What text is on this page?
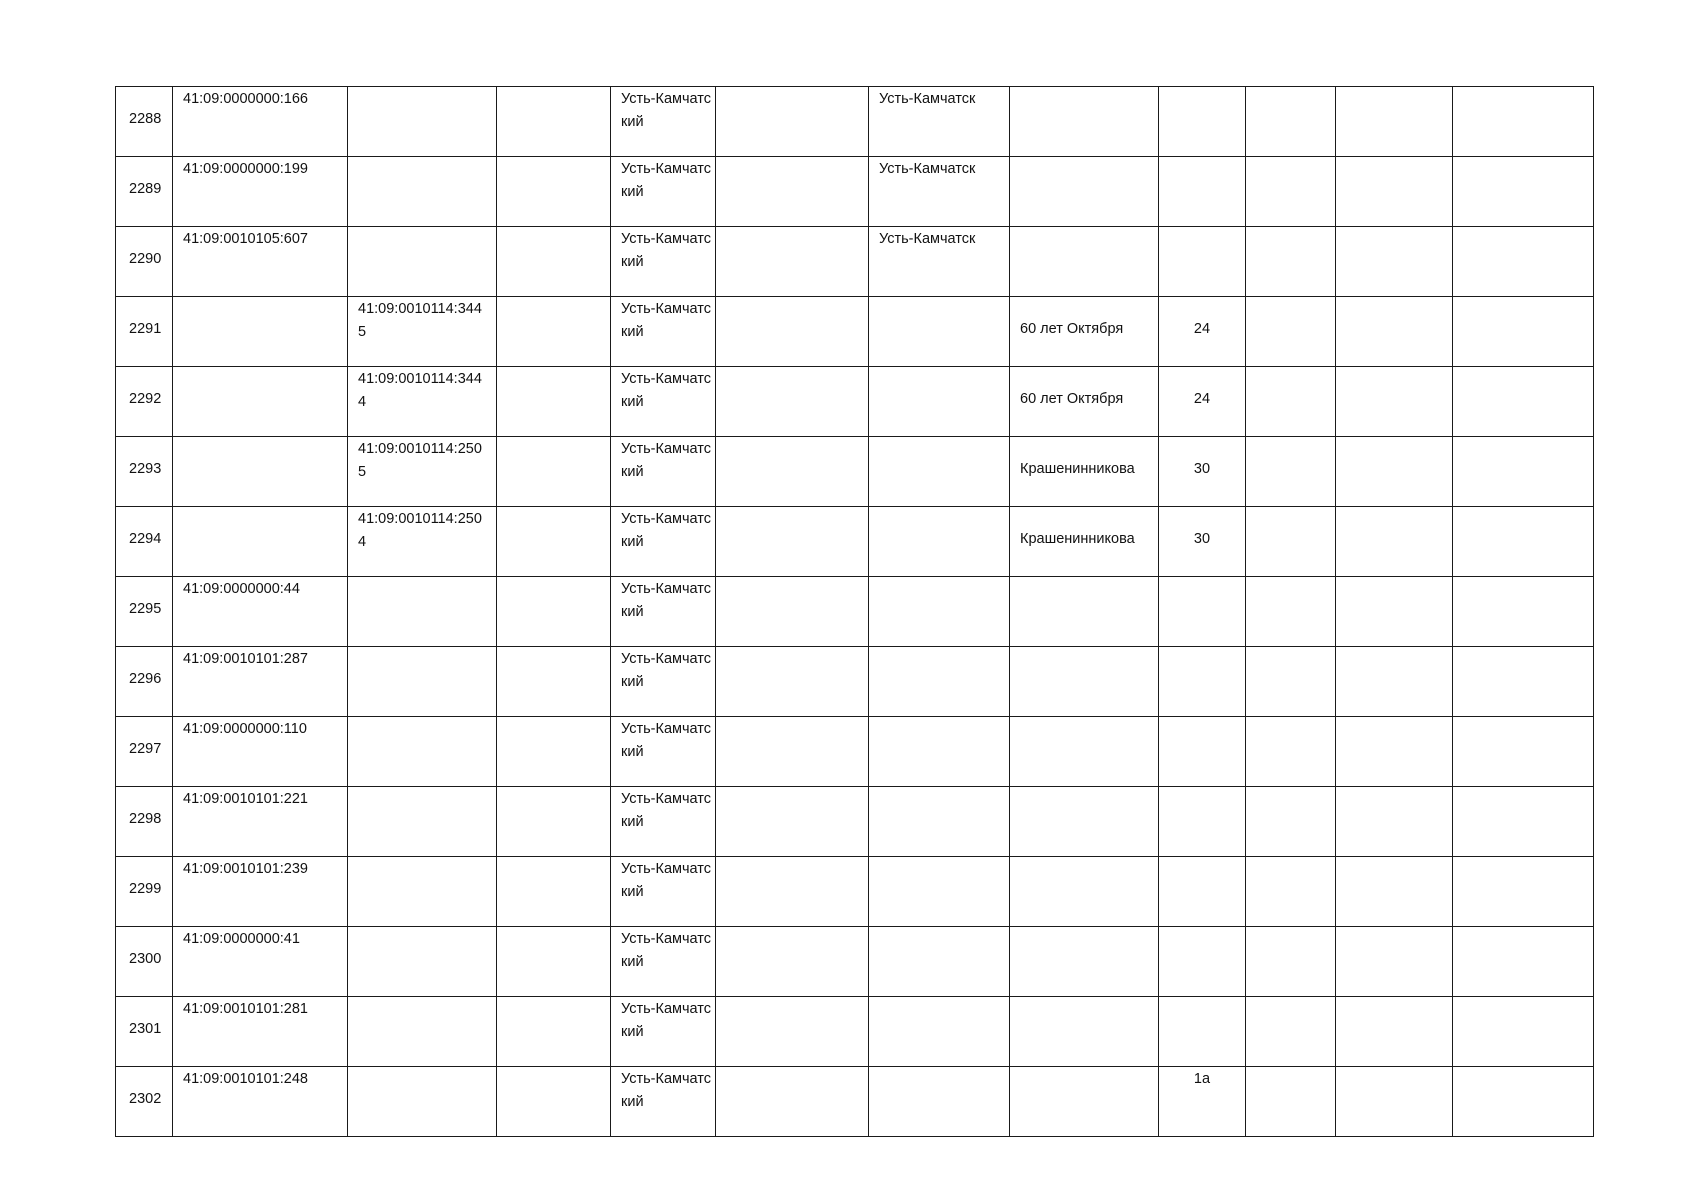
2288	41:09:0000000:166			Усть-Камчатский		Усть-Камчатск					
2289	41:09:0000000:199			Усть-Камчатский		Усть-Камчатск					
2290	41:09:0010105:607			Усть-Камчатский		Усть-Камчатск					
2291		41:09:0010114:3445		Усть-Камчатский			60 лет Октября	24			
2292		41:09:0010114:3444		Усть-Камчатский			60 лет Октября	24			
2293		41:09:0010114:2505		Усть-Камчатский			Крашенинникова	30			
2294		41:09:0010114:2504		Усть-Камчатский			Крашенинникова	30			
2295	41:09:0000000:44			Усть-Камчатский							
2296	41:09:0010101:287			Усть-Камчатский							
2297	41:09:0000000:110			Усть-Камчатский							
2298	41:09:0010101:221			Усть-Камчатский							
2299	41:09:0010101:239			Усть-Камчатский							
2300	41:09:0000000:41			Усть-Камчатский							
2301	41:09:0010101:281			Усть-Камчатский							
2302	41:09:0010101:248			Усть-Камчатский				1а			
